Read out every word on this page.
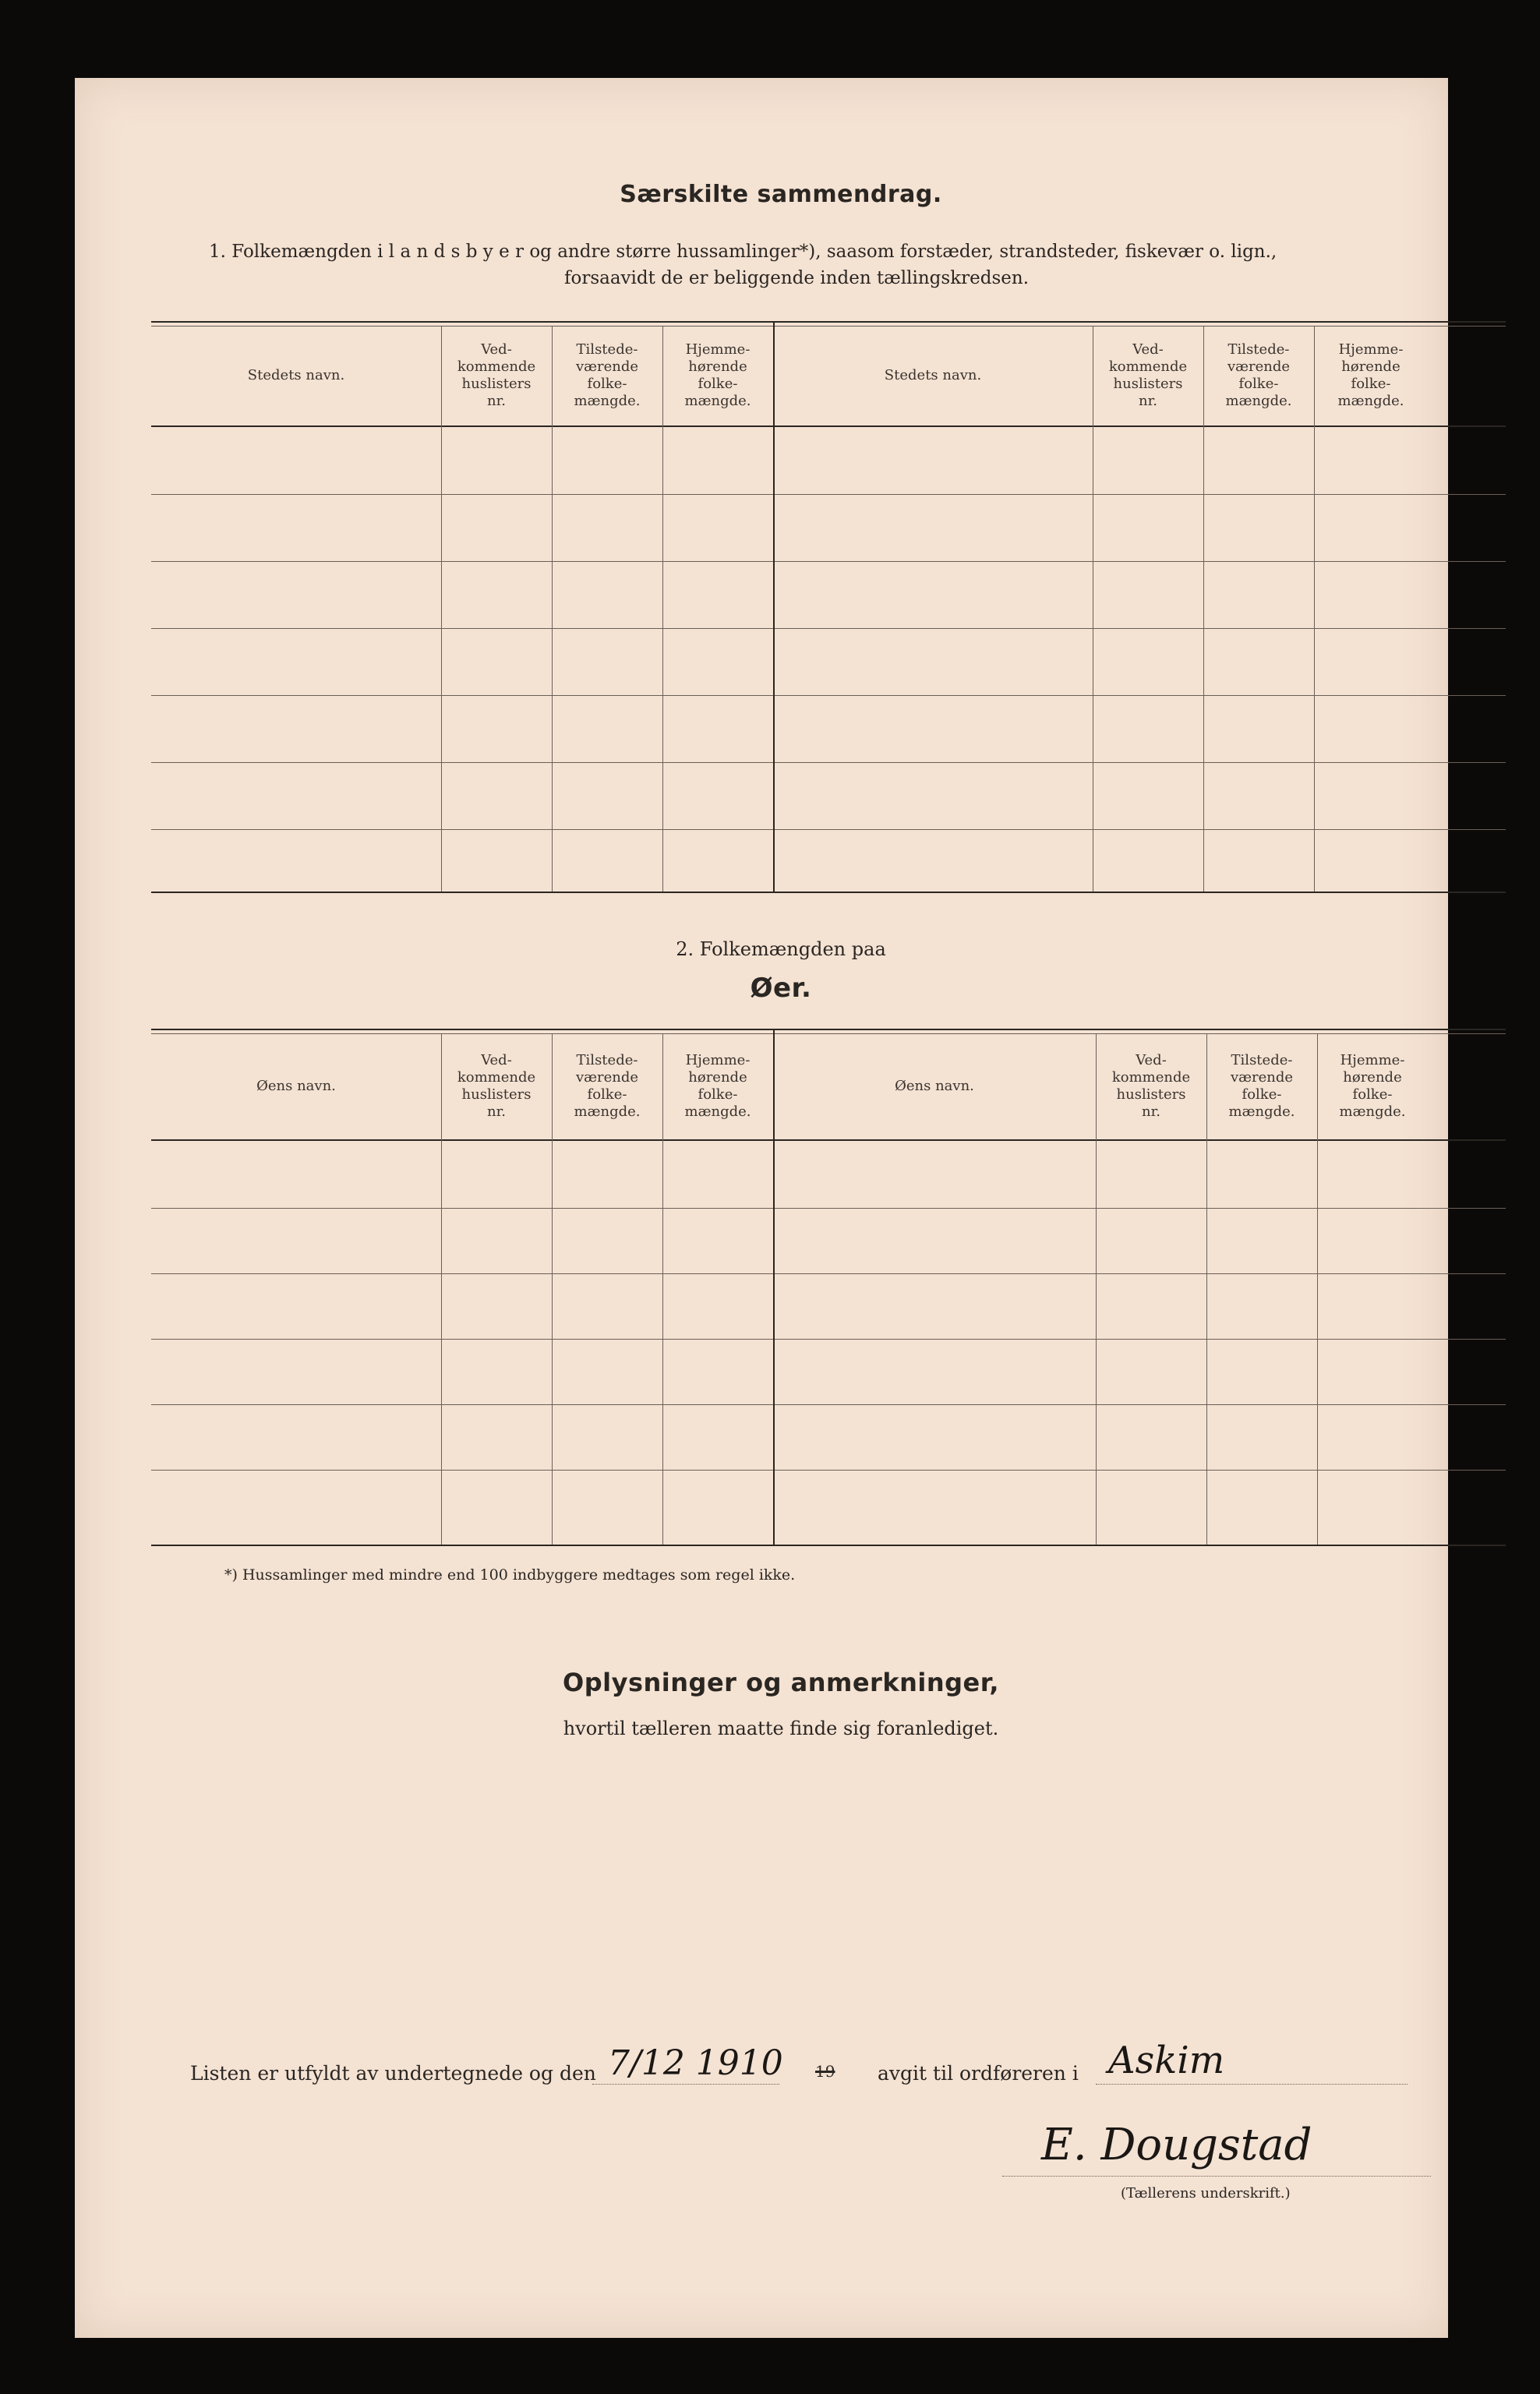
Særskilte sammendrag.
1. Folkemængden i l a n d s b y e r og andre større hussamlinger*), saasom forstæder, strandsteder, fiskevær o. lign.,
forsaavidt de er beliggende inden tællingskredsen.
Stedets navn.
Ved-
kommende
huslisters
nr.
Tilstede-
værende
folke-
mængde.
Hjemme-
hørende
folke-
mængde.
Stedets navn.
Ved-
kommende
huslisters
nr.
Tilstede-
værende
folke-
mængde.
Hjemme-
hørende
folke-
mængde.
2. Folkemængden paa
Øer.
Øens navn.
Ved-
kommende
huslisters
nr.
Tilstede-
værende
folke-
mængde.
Hjemme-
hørende
folke-
mængde.
Øens navn.
Ved-
kommende
huslisters
nr.
Tilstede-
værende
folke-
mængde.
Hjemme-
hørende
folke-
mængde.
*) Hussamlinger med mindre end 100 indbyggere medtages som regel ikke.
Oplysninger og anmerkninger,
hvortil tælleren maatte finde sig foranlediget.
Listen er utfyldt av undertegnede og den 7/12 1910 19 avgit til ordføreren i Askim
E. Dougstad
(Tællerens underskrift.)
